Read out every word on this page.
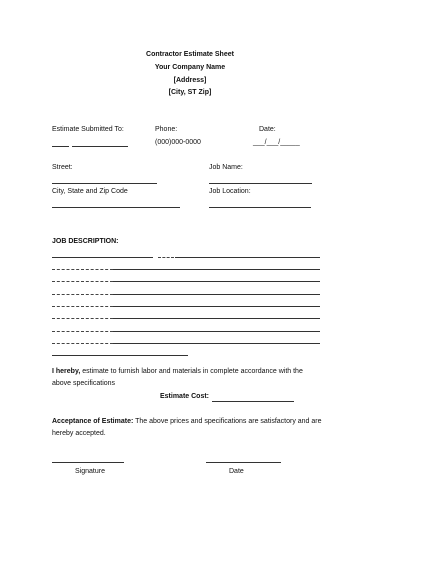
Contractor Estimate Sheet
Your Company Name
[Address]
[City, ST Zip]
Estimate Submitted To:	Phone:
(000)000-0000
Date:
___/___/_____
Street:	Job Name:
City, State and Zip Code	Job Location:
JOB DESCRIPTION:
I hereby, estimate to furnish labor and materials in complete accordance with the above specifications
Estimate Cost:
Acceptance of Estimate: The above prices and specifications are satisfactory and are hereby accepted.
Signature	Date
